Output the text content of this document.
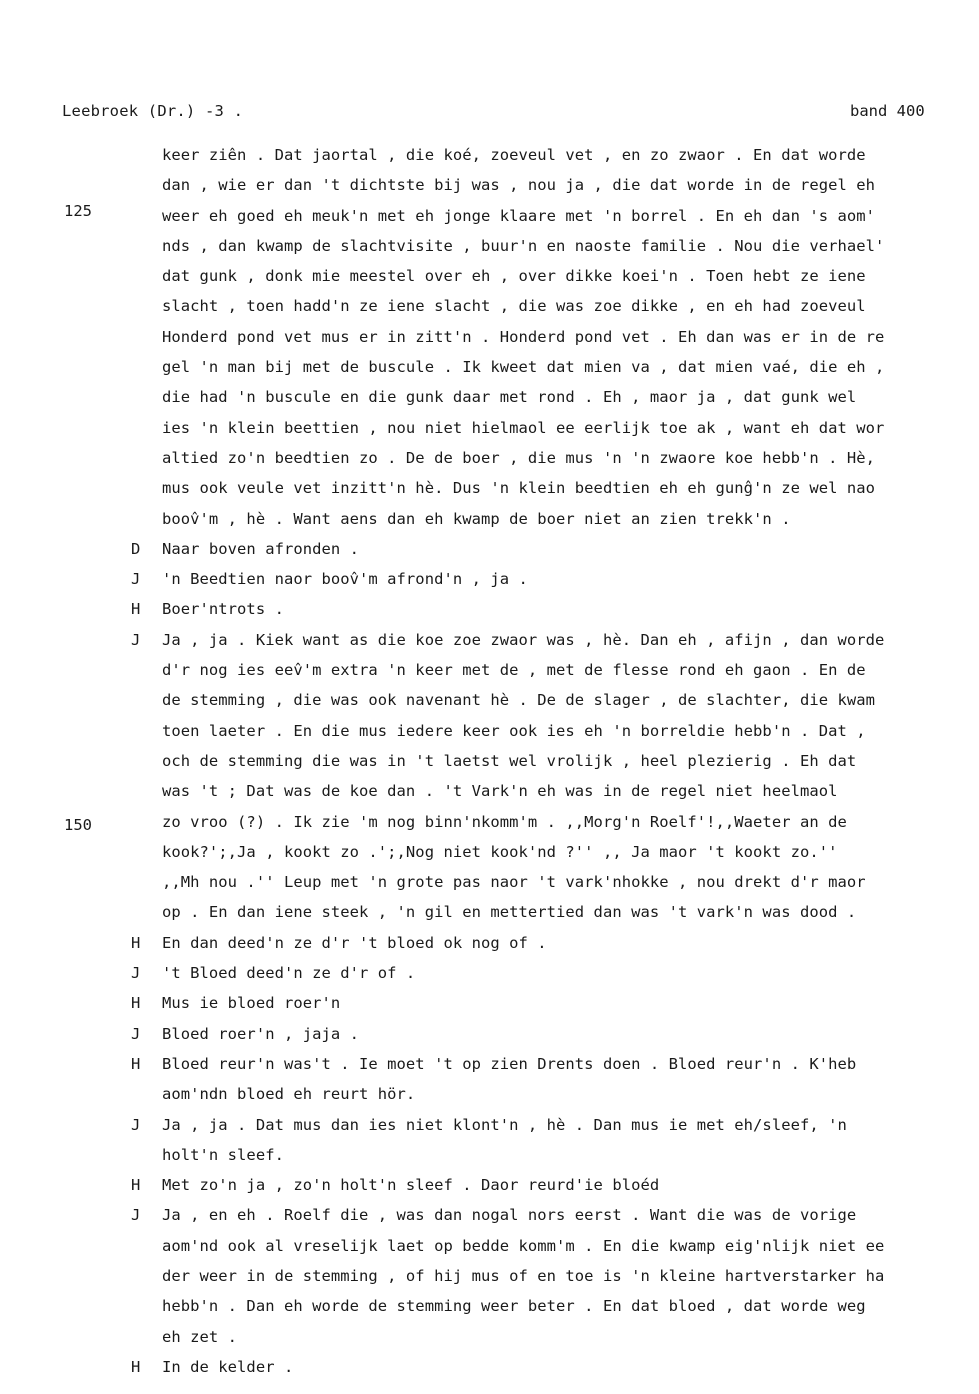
Leebroek (Dr.) -3 .	band 400
125
150
keer ziên . Dat jaortal , die koé, zoeveul vet , en zo zwaor . En dat worde
dan , wie er dan 't dichtste bij was , nou ja , die dat worde in de regel eh
weer eh goed eh meuk'n met eh jonge klaare met 'n borrel . En eh dan 's aom'
nds , dan kwamp de slachtvisite , buur'n en naoste familie . Nou die verhael'
dat gunk , donk mie meestel over eh , over dikke koei'n . Toen hebt ze iene
slacht , toen hadd'n ze iene slacht , die was zoe dikke , en eh had zoeveul
Honderd pond vet mus er in zitt'n . Honderd pond vet . Eh dan was er in de re
gel 'n man bij met de buscule . Ik kweet dat mien va , dat mien vaé, die eh ,
die had 'n buscule en die gunk daar met rond . Eh , maor ja , dat gunk wel
ies 'n klein beettien , nou niet hielmaol ee eerlijk toe ak , want eh dat wor
altied zo'n beedtien zo . De de boer , die mus 'n 'n zwaore koe hebb'n . Hè,
mus ook veule vet inzitt'n hè. Dus 'n klein beedtien eh eh gunĝ'n ze wel nao
boov̂'m , hè . Want aens dan eh kwamp de boer niet an zien trekk'n .
D	Naar boven afronden .
J	'n Beedtien naor boov̂'m afrond'n , ja .
H	Boer'ntrots .
J	Ja , ja . Kiek want as die koe zoe zwaor was , hè. Dan eh , afijn , dan worde
d'r nog ies eev̂'m extra 'n keer met de , met de flesse rond eh gaon . En de
de stemming , die was ook navenant hè . De de slager , de slachter, die kwam
toen laeter . En die mus iedere keer ook ies eh 'n borreldie hebb'n . Dat ,
och de stemming die was in 't laetst wel vrolijk , heel plezierig . Eh dat
was 't ; Dat was de koe dan . 't Vark'n eh was in de regel niet heelmaol
zo vroo (?) . Ik zie 'm nog binn'nkomm'm . ,,Morg'n Roelf'!,,Waeter an de
kook?';,Ja , kookt zo .';,Nog niet kook'nd ?'' ,, Ja maor 't kookt zo.''
,,Mh nou .'' Leup met 'n grote pas naor 't vark'nhokke , nou drekt d'r maor
op . En dan iene steek , 'n gil en mettertied dan was 't vark'n was dood .
H	En dan deed'n ze d'r 't bloed ok nog of .
J	't Bloed deed'n ze d'r of .
H	Mus ie bloed roer'n
J	Bloed roer'n , jaja .
H	Bloed reur'n was't . Ie moet 't op zien Drents doen . Bloed reur'n . K'heb
aom'ndn bloed eh reurt hör.
J	Ja , ja . Dat mus dan ies niet klont'n , hè . Dan mus ie met eh/sleef, 'n
holt'n sleef.
H	Met zo'n ja , zo'n holt'n sleef . Daor reurd'ie bloéd
J	Ja , en eh . Roelf die , was dan nogal nors eerst . Want die was de vorige
aom'nd ook al vreselijk laet op bedde komm'm . En die kwamp eig'nlijk niet ee
der weer in de stemming , of hij mus of en toe is 'n kleine hartverstarker ha
hebb'n . Dan eh worde de stemming weer beter . En dat bloed , dat worde weg
eh zet .
H	In de kelder .
